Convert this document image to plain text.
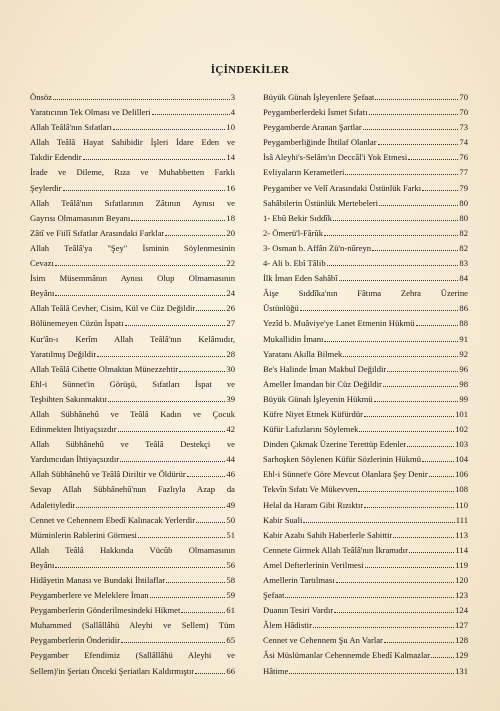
İÇİNDEKİLER
Önsöz	3
Yaratıcının Tek Olması ve Delilleri	4
Allah Teâlâ'nın Sıfatları	10
Allah Teâlâ Hayat Sahibidir İşleri İdare Eden ve
Takdir Edendir	14
İrade ve Dileme, Rıza ve Muhabbetten Farklı
Şeylerdir	16
Allah Teâlâ'nın Sıfatlarının Zâtının Aynısı ve
Gayrısı Olmamasının Beyanı	18
Zâtî ve Fiilî Sıfatlar Arasındaki Farklar	20
Allah Teâlâ'ya "Şey" İsminin Söylenmesinin
Cevazı	22
İsim Müsemmânın Aynısı Olup Olmamasının
Beyânı	24
Allah Teâlâ Cevher, Cisim, Kül ve Cüz Değildir	26
Bölünemeyen Cüzün İspatı	27
Kur'ân-ı Kerîm Allah Teâlâ'nın Kelâmıdır,
Yaratılmış Değildir	28
Allah Teâlâ Cihette Olmaktan Münezzehtir	30
Ehl-i Sünnet'in Görüşü, Sıfatları İspat ve
Teşbihten Sakınmaktır	39
Allah Sübhânehû ve Teâlâ Kadın ve Çocuk
Edinmekten İhtiyaçsızdır	42
Allah Sübhânehû ve Teâlâ Destekçi ve
Yardımcıdan İhtiyaçsızdır	44
Allah Sübhânehû ve Teâlâ Diriltir ve Öldürür	46
Sevap Allah Sübhânehû'nun Fazlıyla Azap da
Adaletiyledir	49
Cennet ve Cehennem Ebedî Kalınacak Yerlerdir	50
Müminlerin Rablerini Görmesi	51
Allah Teâlâ Hakkında Vücûb Olmamasının
Beyânı	56
Hidâyetin Manası ve Bundaki İhtilaflar	58
Peygamberlere ve Meleklere İman	59
Peygamberlerin Gönderilmesindeki Hikmet	61
Muhammed (Sallâllâhü Aleyhi ve Sellem) Tüm
Peygamberlerin Önderidir	65
Peygamber Efendimiz (Sallâllâhü Aleyhi ve
Sellem)'in Şeriatı Önceki Şeriatları Kaldırmıştır	66
Büyük Günah İşleyenlere Şefaat	70
Peygamberlerdeki İsmet Sıfatı	70
Peygamberde Aranan Şartlar	73
Peygamberliğinde İhtilaf Olanlar	74
İsâ Aleyhi's-Selâm'ın Deccâl'i Yok Etmesi	76
Evliyaların Kerametleri	77
Peygamber ve Velî Arasındaki Üstünlük Farkı	79
Sahâbilerin Üstünlük Mertebeleri	80
1- Ebû Bekir Sıddîk	80
2- Ömerü'l-Fârûk	82
3- Osman b. Affân Zü'n-nûreyn	82
4- Ali b. Ebî Tâlib	83
İlk İman Eden Sahâbî	84
Âişe Sıddîka'nın Fâtıma Zehra Üzerine
Üstünlüğü	86
Yezîd b. Muâviye'ye Lanet Etmenin Hükmü	88
Mukallidin İmanı	91
Yaratanı Akılla Bilmek	92
Be's Halinde İman Makbul Değildir	96
Ameller İmandan bir Cüz Değildir	98
Büyük Günah İşleyenin Hükmü	99
Küfre Niyet Etmek Küfürdür	101
Küfür Lafızlarını Söylemek	102
Dinden Çıkmak Üzerine Terettüp Edenler	103
Sarhoşken Söylenen Küfür Sözlerinin Hükmü	104
Ehl-i Sünnet'e Göre Mevcut Olanlara Şey Denir	106
Tekvîn Sıfatı Ve Mükevven	108
Helal da Haram Gibi Rızıktır	110
Kabir Suali	111
Kabir Azabı Sahih Haberlerle Sabittir	113
Cennete Girmek Allah Teâlâ'nın İkramıdır	114
Amel Defterlerinin Verilmesi	119
Amellerin Tartılması	120
Şefaat	123
Duanın Tesiri Vardır	124
Âlem Hâdistir	127
Cennet ve Cehennem Şu An Varlar	128
Âsi Müslümanlar Cehennemde Ebedî Kalmazlar	129
Hâtime	131
